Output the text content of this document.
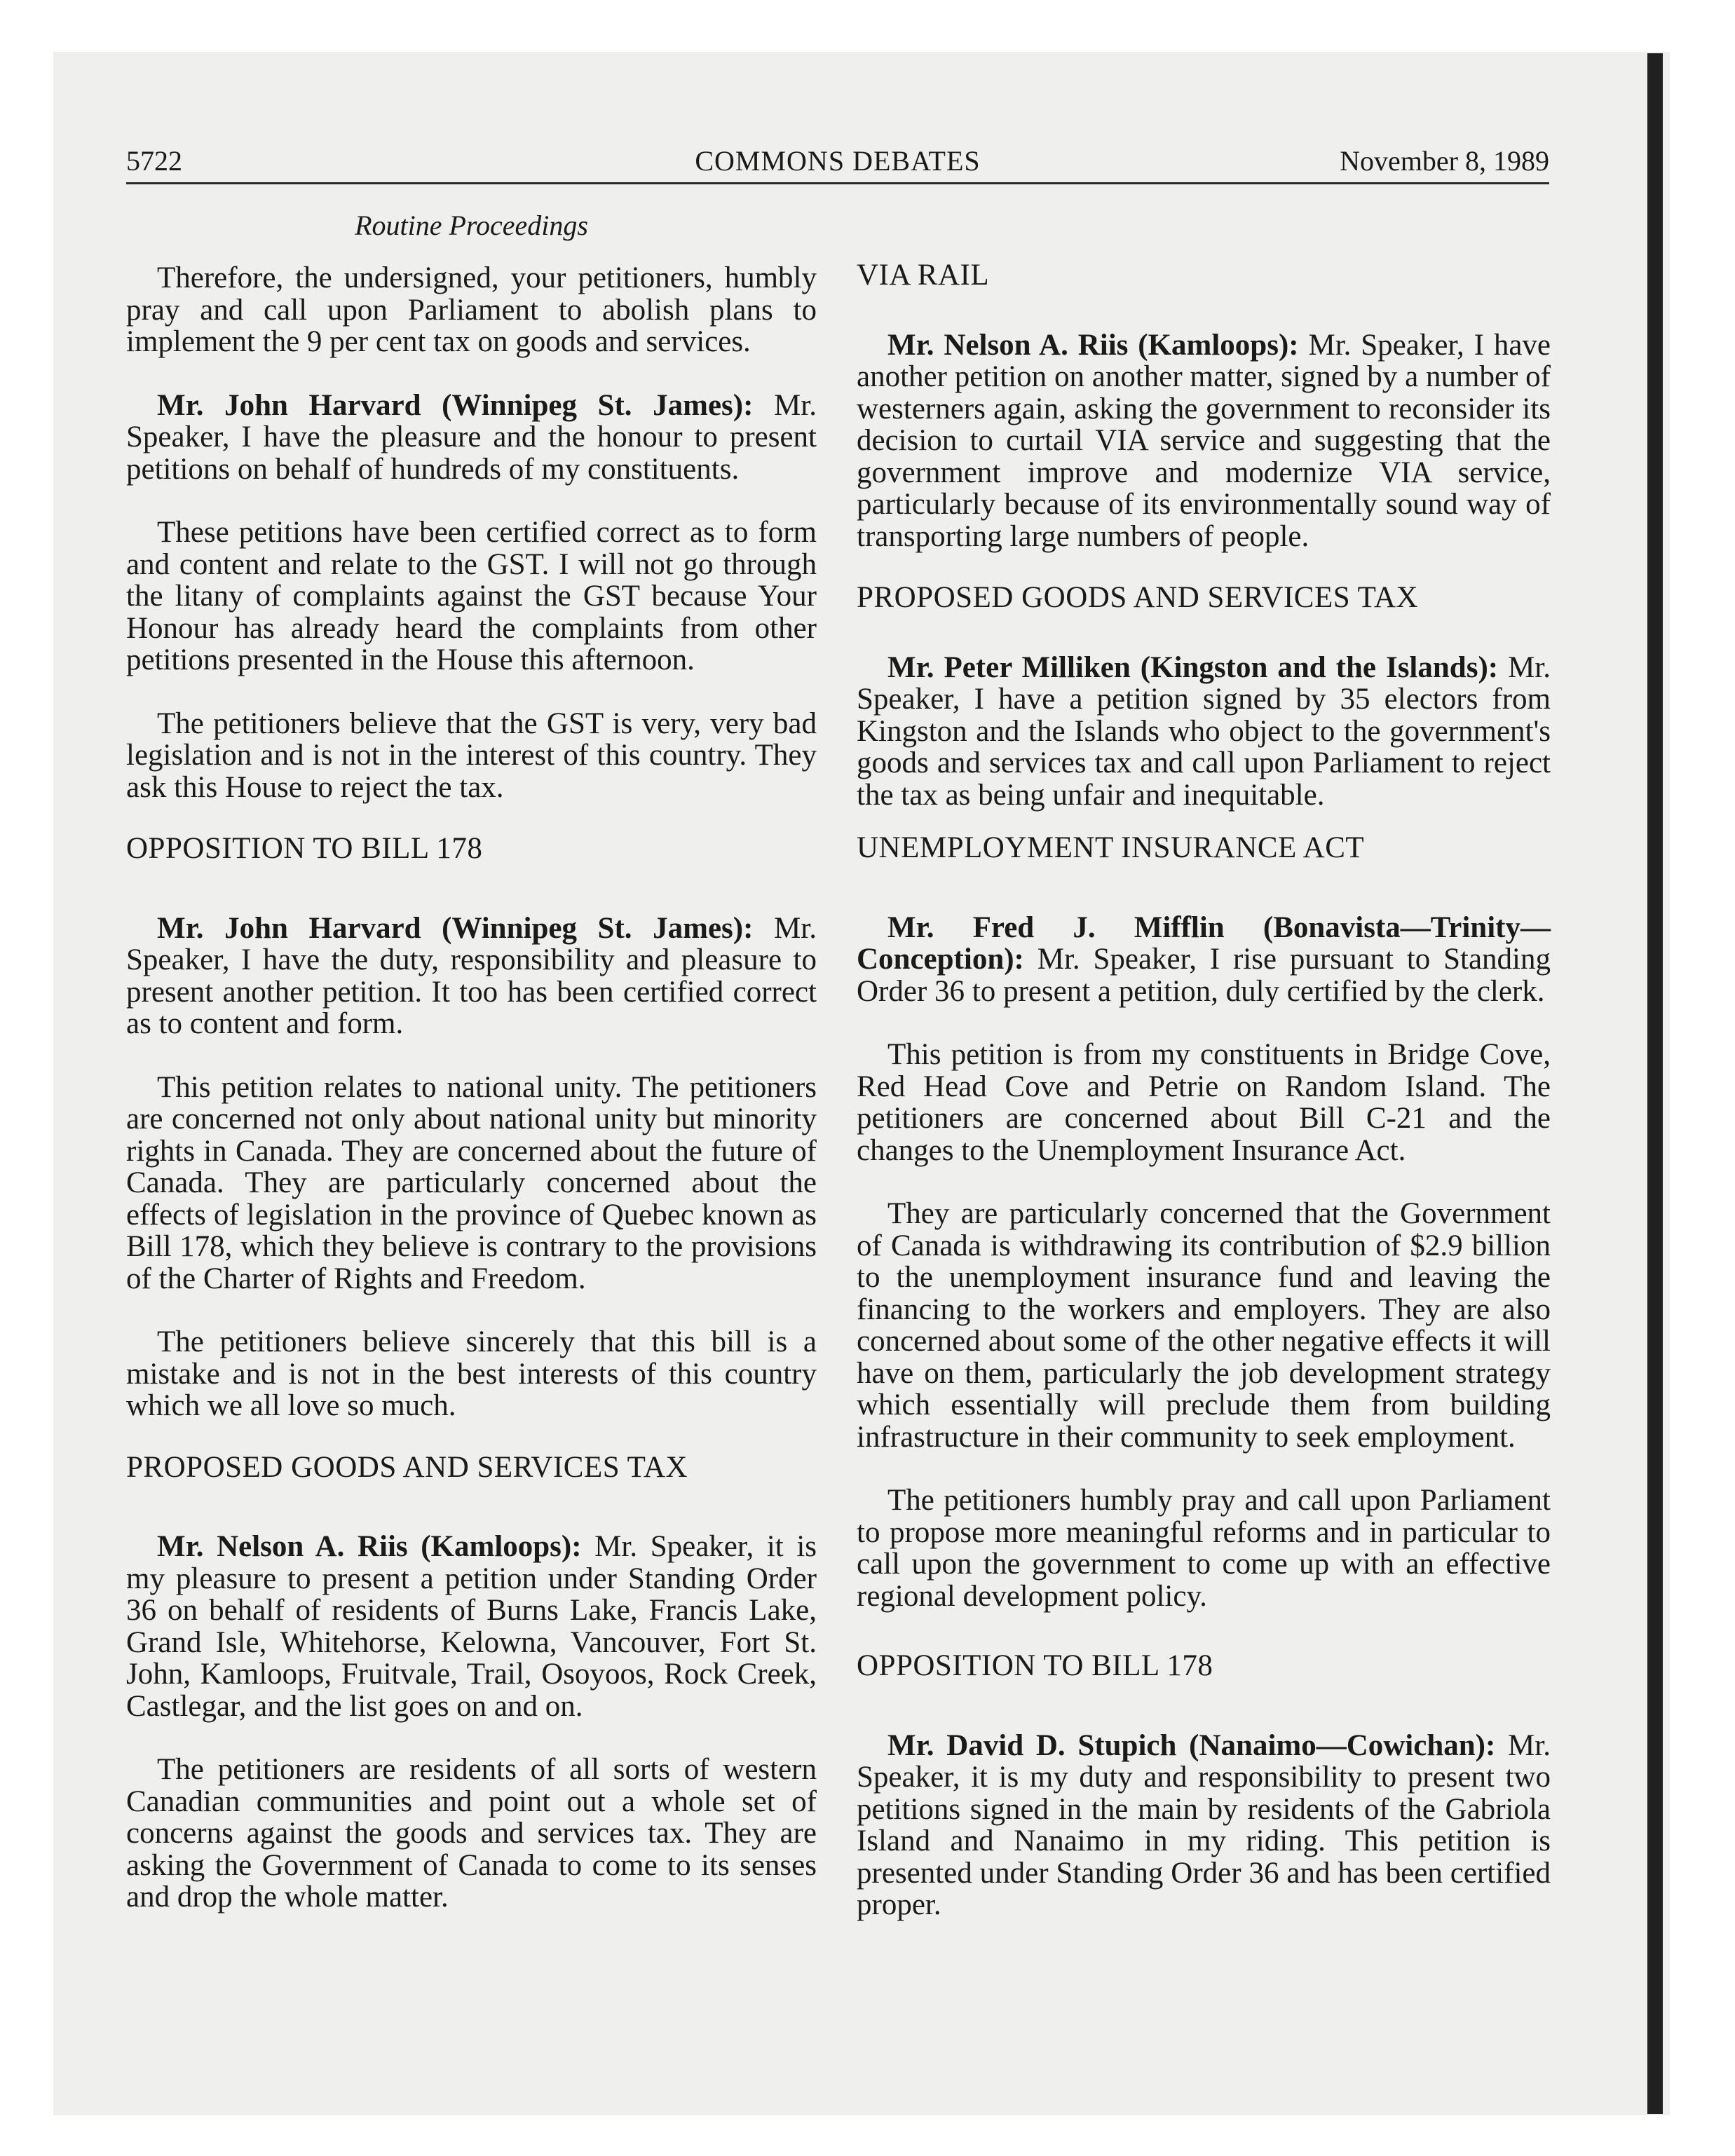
5722	COMMONS DEBATES	November 8, 1989
Routine Proceedings

Therefore, the undersigned, your petitioners, humbly pray and call upon Parliament to abolish plans to implement the 9 per cent tax on goods and services.

Mr. John Harvard (Winnipeg St. James): Mr. Speaker, I have the pleasure and the honour to present petitions on behalf of hundreds of my constituents.

These petitions have been certified correct as to form and content and relate to the GST. I will not go through the litany of complaints against the GST because Your Honour has already heard the complaints from other petitions presented in the House this afternoon.

The petitioners believe that the GST is very, very bad legislation and is not in the interest of this country. They ask this House to reject the tax.

OPPOSITION TO BILL 178

Mr. John Harvard (Winnipeg St. James): Mr. Speaker, I have the duty, responsibility and pleasure to present another petition. It too has been certified correct as to content and form.

This petition relates to national unity. The petitioners are concerned not only about national unity but minority rights in Canada. They are concerned about the future of Canada. They are particularly concerned about the effects of legislation in the province of Quebec known as Bill 178, which they believe is contrary to the provisions of the Charter of Rights and Freedom.

The petitioners believe sincerely that this bill is a mistake and is not in the best interests of this country which we all love so much.

PROPOSED GOODS AND SERVICES TAX

Mr. Nelson A. Riis (Kamloops): Mr. Speaker, it is my pleasure to present a petition under Standing Order 36 on behalf of residents of Burns Lake, Francis Lake, Grand Isle, Whitehorse, Kelowna, Vancouver, Fort St. John, Kamloops, Fruitvale, Trail, Osoyoos, Rock Creek, Castlegar, and the list goes on and on.

The petitioners are residents of all sorts of western Canadian communities and point out a whole set of concerns against the goods and services tax. They are asking the Government of Canada to come to its senses and drop the whole matter.

VIA RAIL

Mr. Nelson A. Riis (Kamloops): Mr. Speaker, I have another petition on another matter, signed by a number of westerners again, asking the government to reconsider its decision to curtail VIA service and suggesting that the government improve and modernize VIA service, particularly because of its environmentally sound way of transporting large numbers of people.

PROPOSED GOODS AND SERVICES TAX

Mr. Peter Milliken (Kingston and the Islands): Mr. Speaker, I have a petition signed by 35 electors from Kingston and the Islands who object to the government's goods and services tax and call upon Parliament to reject the tax as being unfair and inequitable.

UNEMPLOYMENT INSURANCE ACT

Mr. Fred J. Mifflin (Bonavista—Trinity—Conception): Mr. Speaker, I rise pursuant to Standing Order 36 to present a petition, duly certified by the clerk.

This petition is from my constituents in Bridge Cove, Red Head Cove and Petrie on Random Island. The petitioners are concerned about Bill C-21 and the changes to the Unemployment Insurance Act.

They are particularly concerned that the Government of Canada is withdrawing its contribution of $2.9 billion to the unemployment insurance fund and leaving the financing to the workers and employers. They are also concerned about some of the other negative effects it will have on them, particularly the job development strategy which essentially will preclude them from building infrastructure in their community to seek employment.

The petitioners humbly pray and call upon Parliament to propose more meaningful reforms and in particular to call upon the government to come up with an effective regional development policy.

OPPOSITION TO BILL 178

Mr. David D. Stupich (Nanaimo—Cowichan): Mr. Speaker, it is my duty and responsibility to present two petitions signed in the main by residents of the Gabriola Island and Nanaimo in my riding. This petition is presented under Standing Order 36 and has been certified proper.
